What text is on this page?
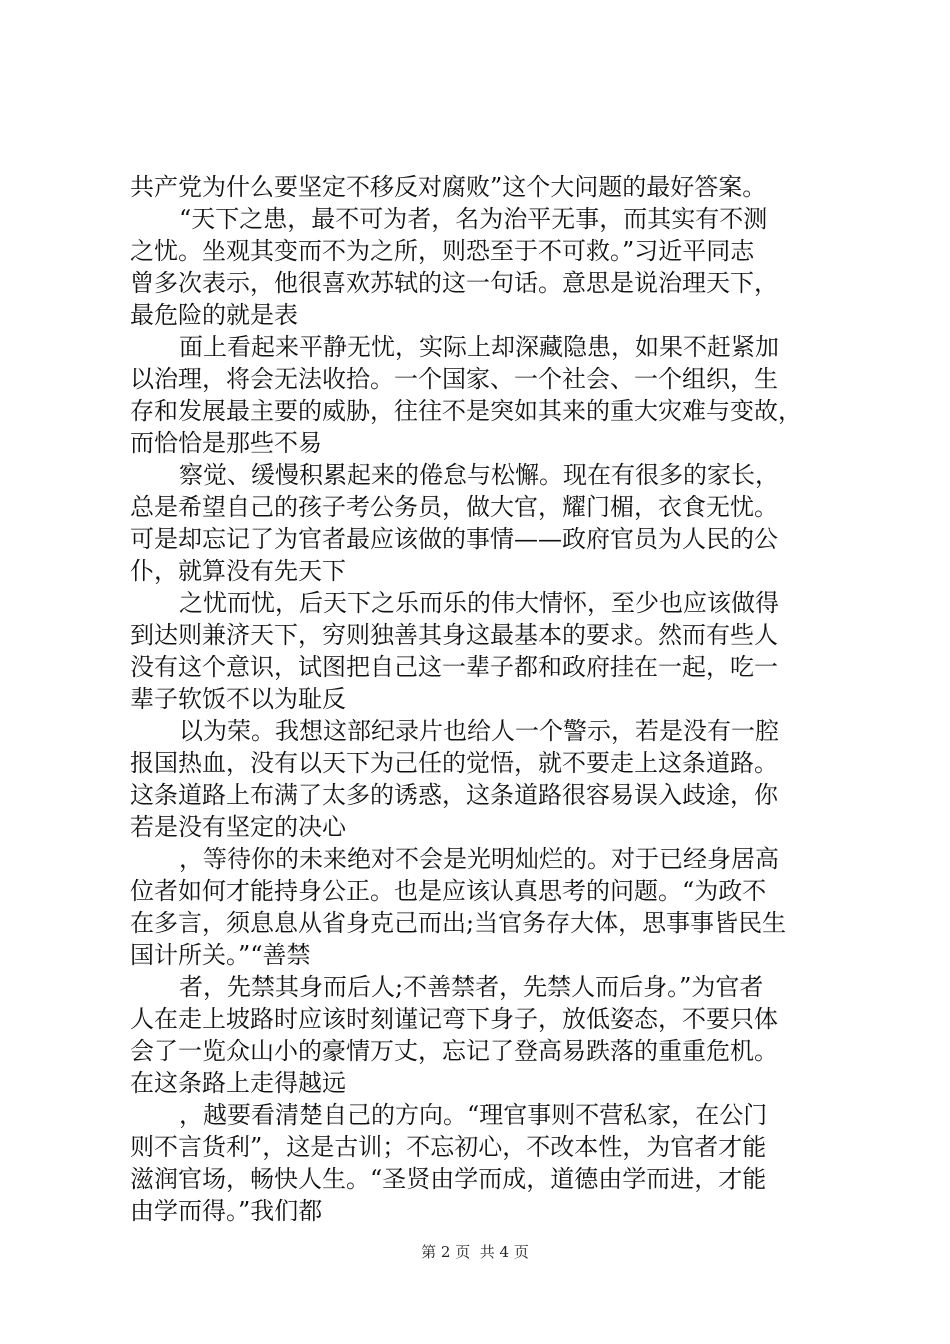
共产党为什么要坚定不移反对腐败”这个大问题的最好答案。
“天下之患，最不可为者，名为治平无事，而其实有不测
之忧。坐观其变而不为之所，则恐至于不可救。”习近平同志
曾多次表示，他很喜欢苏轼的这一句话。意思是说治理天下，
最危险的就是表
面上看起来平静无忧，实际上却深藏隐患，如果不赶紧加
以治理，将会无法收拾。一个国家、一个社会、一个组织，生
存和发展最主要的威胁，往往不是突如其来的重大灾难与变故，
而恰恰是那些不易
察觉、缓慢积累起来的倦怠与松懈。现在有很多的家长，
总是希望自己的孩子考公务员，做大官，耀门楣，衣食无忧。
可是却忘记了为官者最应该做的事情——政府官员为人民的公
仆，就算没有先天下
之忧而忧，后天下之乐而乐的伟大情怀，至少也应该做得
到达则兼济天下，穷则独善其身这最基本的要求。然而有些人
没有这个意识，试图把自己这一辈子都和政府挂在一起，吃一
辈子软饭不以为耻反
以为荣。我想这部纪录片也给人一个警示，若是没有一腔
报国热血，没有以天下为己任的觉悟，就不要走上这条道路。
这条道路上布满了太多的诱惑，这条道路很容易误入歧途，你
若是没有坚定的决心
，等待你的未来绝对不会是光明灿烂的。对于已经身居高
位者如何才能持身公正。也是应该认真思考的问题。“为政不
在多言，须息息从省身克己而出;当官务存大体，思事事皆民生
国计所关。”“善禁
者，先禁其身而后人;不善禁者，先禁人而后身。”为官者
人在走上坡路时应该时刻谨记弯下身子，放低姿态，不要只体
会了一览众山小的豪情万丈，忘记了登高易跌落的重重危机。
在这条路上走得越远
，越要看清楚自己的方向。“理官事则不营私家，在公门
则不言货利”，这是古训；不忘初心，不改本性，为官者才能
滋润官场，畅快人生。“圣贤由学而成，道德由学而进，才能
由学而得。”我们都
第 2 页  共 4 页
